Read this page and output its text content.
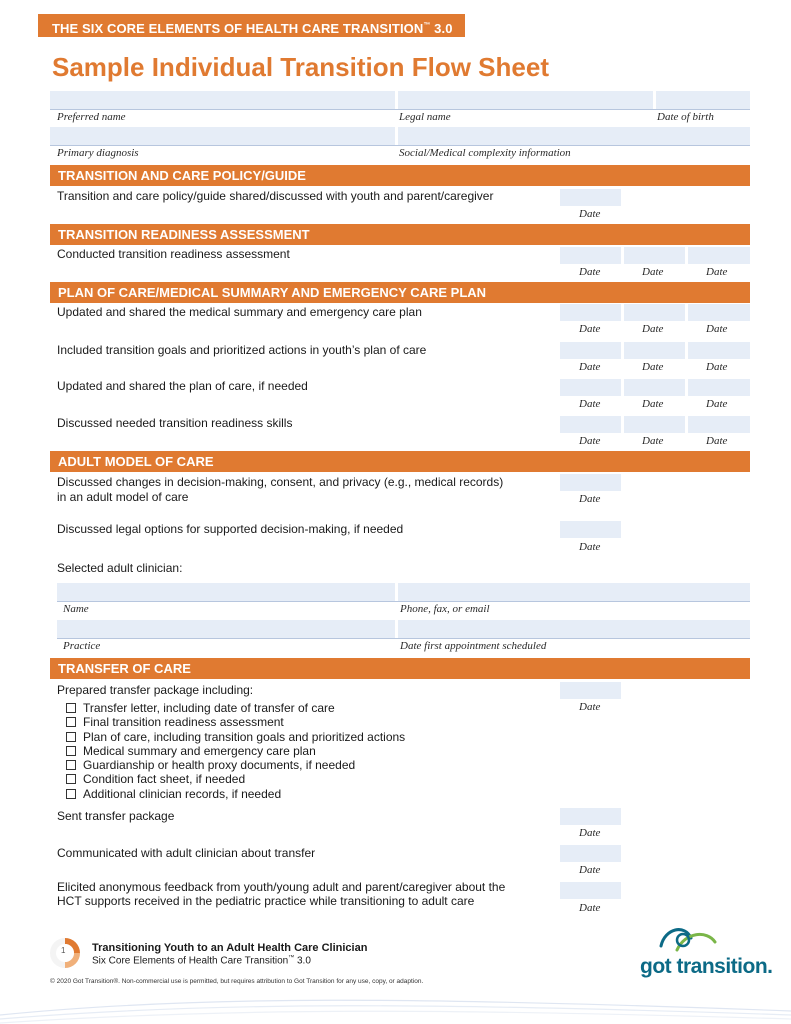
THE SIX CORE ELEMENTS OF HEALTH CARE TRANSITION™ 3.0
Sample Individual Transition Flow Sheet
Preferred name	Legal name	Date of birth
Primary diagnosis	Social/Medical complexity information
TRANSITION AND CARE POLICY/GUIDE
Transition and care policy/guide shared/discussed with youth and parent/caregiver
Date
TRANSITION READINESS ASSESSMENT
Conducted transition readiness assessment
Date	Date	Date
PLAN OF CARE/MEDICAL SUMMARY AND EMERGENCY CARE PLAN
Updated and shared the medical summary and emergency care plan
Date	Date	Date
Included transition goals and prioritized actions in youth’s plan of care
Date	Date	Date
Updated and shared the plan of care, if needed
Date	Date	Date
Discussed needed transition readiness skills
Date	Date	Date
ADULT MODEL OF CARE
Discussed changes in decision-making, consent, and privacy (e.g., medical records)
in an adult model of care	Date
Discussed legal options for supported decision-making, if needed
Date
Selected adult clinician:
Name	Phone, fax, or email
Practice	Date first appointment scheduled
TRANSFER OF CARE
Prepared transfer package including:
Date
Transfer letter, including date of transfer of care
Final transition readiness assessment
Plan of care, including transition goals and prioritized actions
Medical summary and emergency care plan
Guardianship or health proxy documents, if needed
Condition fact sheet, if needed
Additional clinician records, if needed
Sent transfer package
Date
Communicated with adult clinician about transfer
Date
Elicited anonymous feedback from youth/young adult and parent/caregiver about the
HCT supports received in the pediatric practice while transitioning to adult care	Date
1 Transitioning Youth to an Adult Health Care Clinician
Six Core Elements of Health Care Transition™ 3.0
© 2020 Got Transition®. Non-commercial use is permitted, but requires attribution to Got Transition for any use, copy, or adaption.
got transition.
